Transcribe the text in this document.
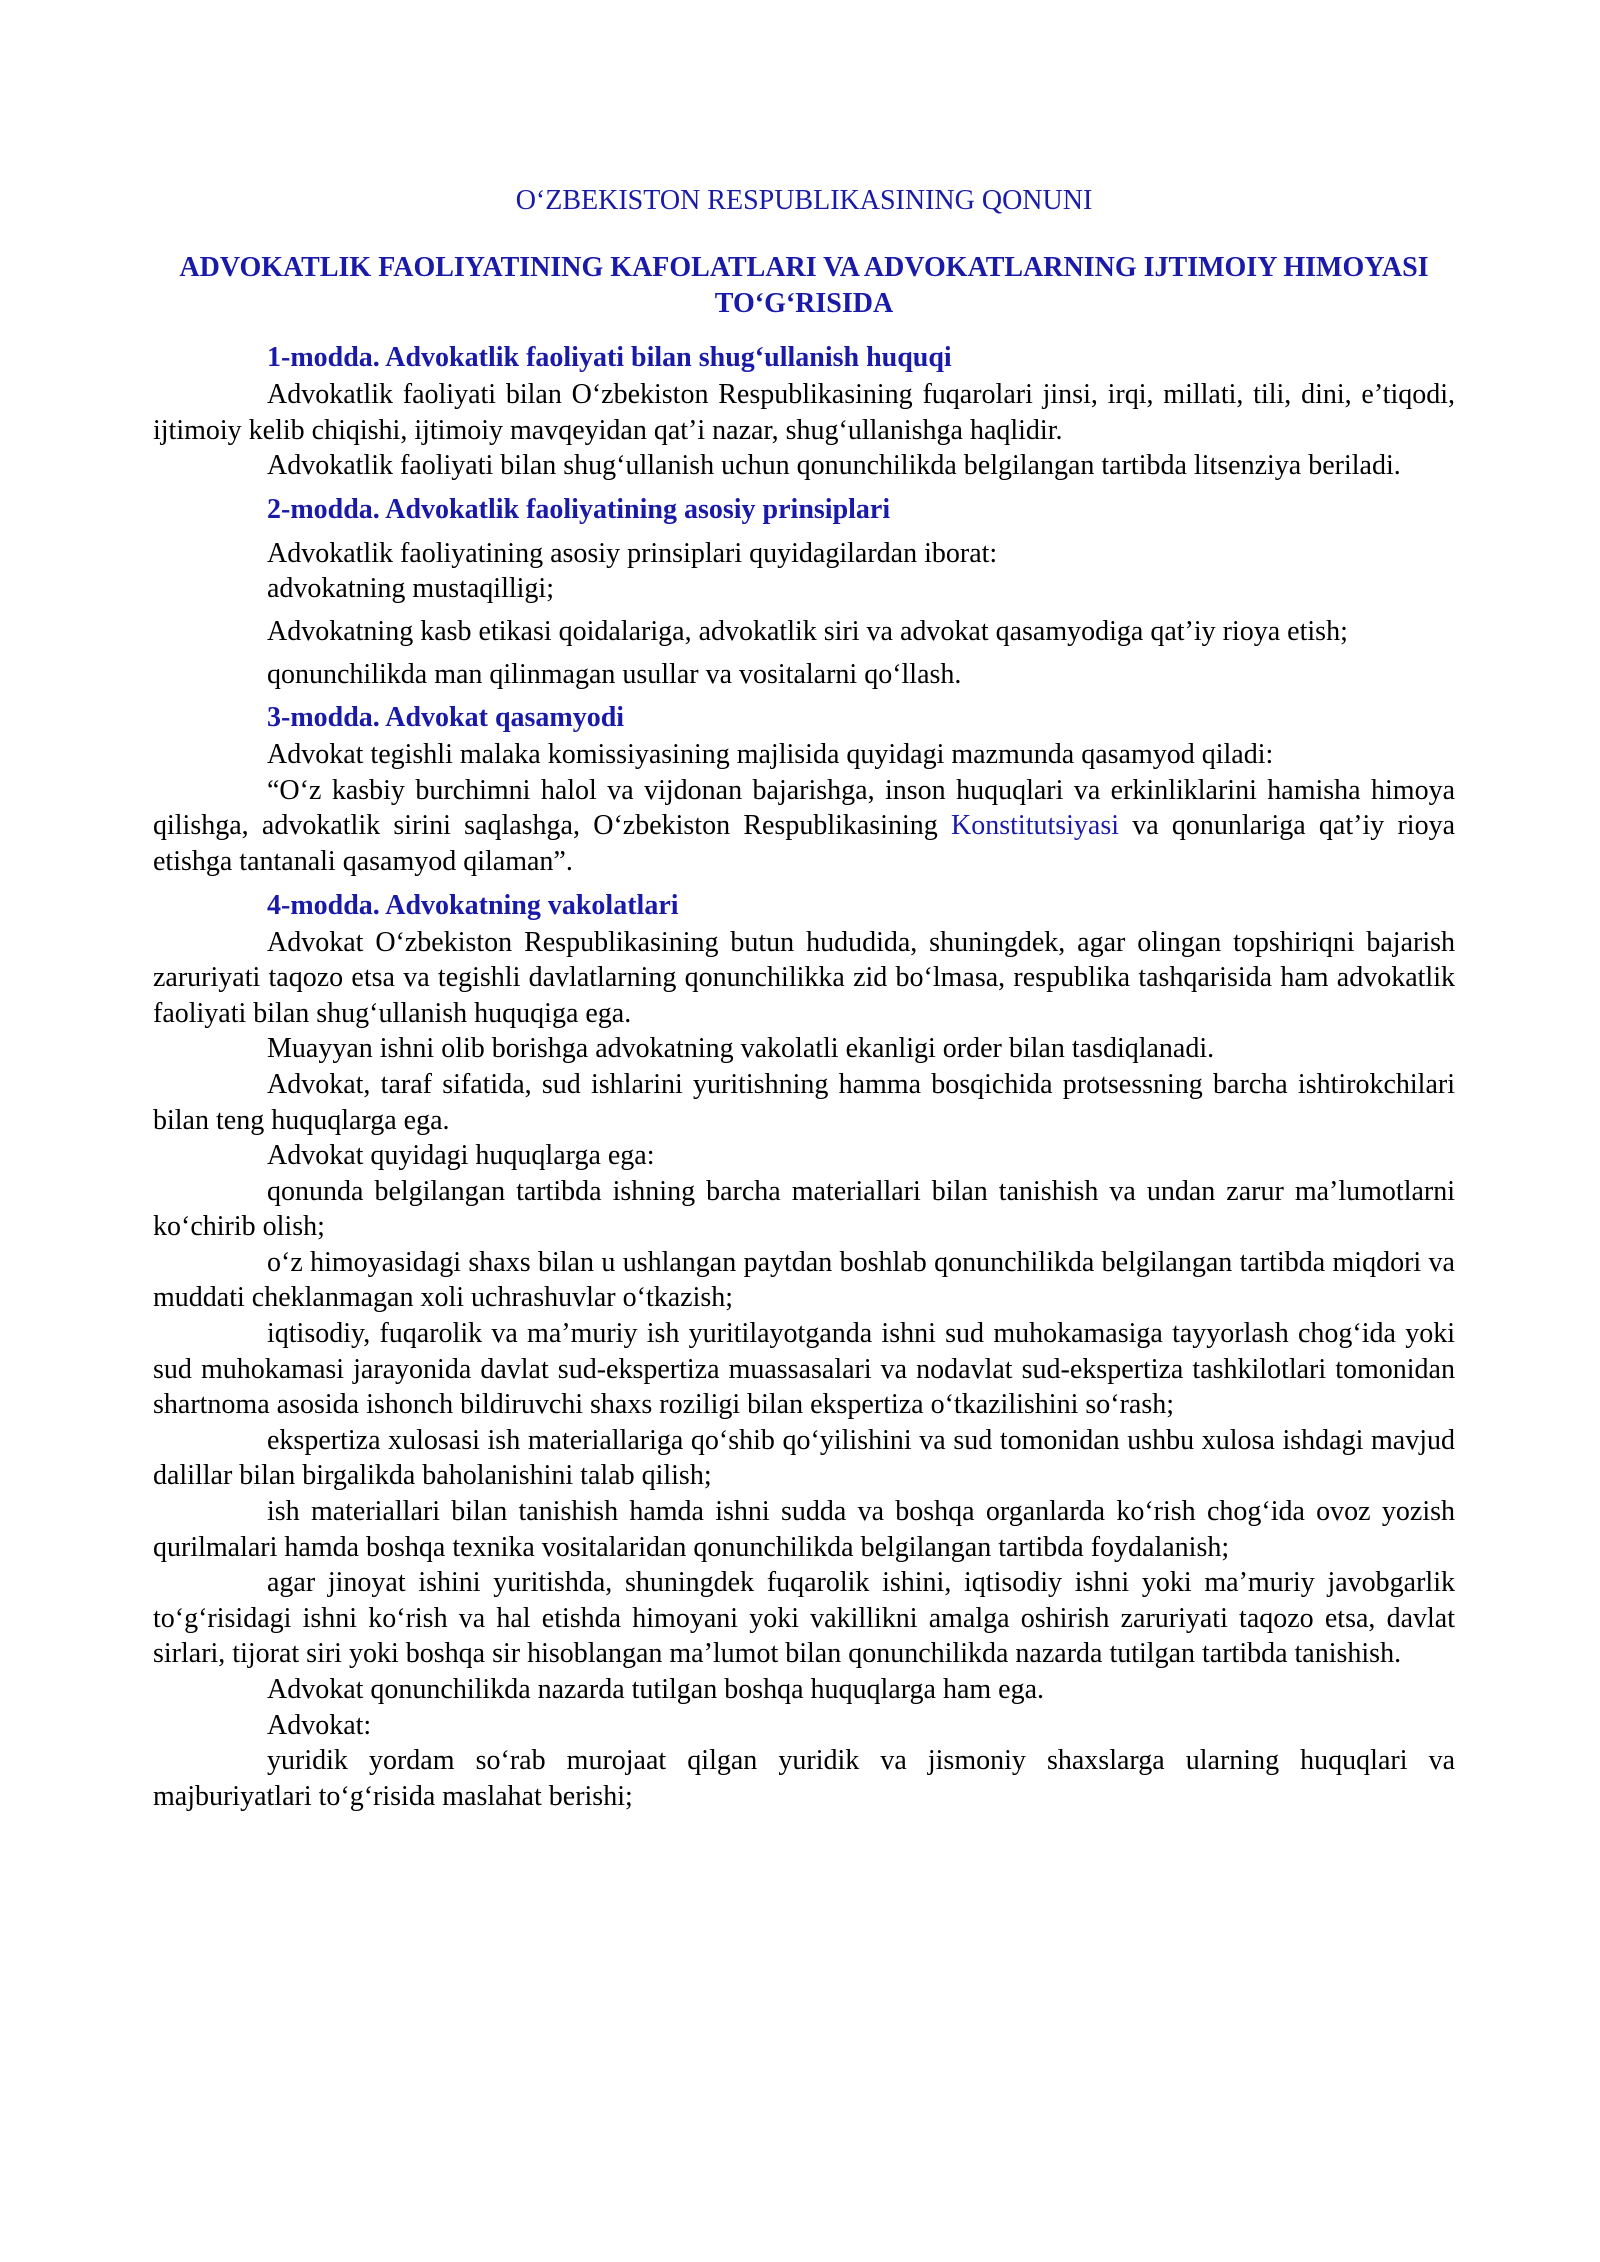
O‘ZBEKISTON RESPUBLIKASINING QONUNI
ADVOKATLIK FAOLIYATINING KAFOLATLARI VA ADVOKATLARNING IJTIMOIY HIMOYASI TO‘G‘RISIDA

1-modda. Advokatlik faoliyati bilan shug‘ullanish huquqi

Advokatlik faoliyati bilan O‘zbekiston Respublikasining fuqarolari jinsi, irqi, millati, tili, dini, e’tiqodi, ijtimoiy kelib chiqishi, ijtimoiy mavqeyidan qat’i nazar, shug‘ullanishga haqlidir.

Advokatlik faoliyati bilan shug‘ullanish uchun qonunchilikda belgilangan tartibda litsenziya beriladi.

2-modda. Advokatlik faoliyatining asosiy prinsiplari

Advokatlik faoliyatining asosiy prinsiplari quyidagilardan iborat:

advokatning mustaqilligi;

Advokatning kasb etikasi qoidalariga, advokatlik siri va advokat qasamyodiga qat’iy rioya etish;

qonunchilikda man qilinmagan usullar va vositalarni qo‘llash.

3-modda. Advokat qasamyodi

Advokat tegishli malaka komissiyasining majlisida quyidagi mazmunda qasamyod qiladi:

“O‘z kasbiy burchimni halol va vijdonan bajarishga, inson huquqlari va erkinliklarini hamisha himoya qilishga, advokatlik sirini saqlashga, O‘zbekiston Respublikasining Konstitutsiyasi va qonunlariga qat’iy rioya etishga tantanali qasamyod qilaman”.

4-modda. Advokatning vakolatlari

Advokat O‘zbekiston Respublikasining butun hududida, shuningdek, agar olingan topshiriqni bajarish zaruriyati taqozo etsa va tegishli davlatlarning qonunchilikka zid bo‘lmasa, respublika tashqarisida ham advokatlik faoliyati bilan shug‘ullanish huquqiga ega.

Muayyan ishni olib borishga advokatning vakolatli ekanligi order bilan tasdiqlanadi.

Advokat, taraf sifatida, sud ishlarini yuritishning hamma bosqichida protsessning barcha ishtirokchilari bilan teng huquqlarga ega.

Advokat quyidagi huquqlarga ega:

qonunda belgilangan tartibda ishning barcha materiallari bilan tanishish va undan zarur ma’lumotlarni ko‘chirib olish;

o‘z himoyasidagi shaxs bilan u ushlangan paytdan boshlab qonunchilikda belgilangan tartibda miqdori va muddati cheklanmagan xoli uchrashuvlar o‘tkazish;

iqtisodiy, fuqarolik va ma’muriy ish yuritilayotganda ishni sud muhokamasiga tayyorlash chog‘ida yoki sud muhokamasi jarayonida davlat sud-ekspertiza muassasalari va nodavlat sud-ekspertiza tashkilotlari tomonidan shartnoma asosida ishonch bildiruvchi shaxs roziligi bilan ekspertiza o‘tkazilishini so‘rash;

ekspertiza xulosasi ish materiallariga qo‘shib qo‘yilishini va sud tomonidan ushbu xulosa ishdagi mavjud dalillar bilan birgalikda baholanishini talab qilish;

ish materiallari bilan tanishish hamda ishni sudda va boshqa organlarda ko‘rish chog‘ida ovoz yozish qurilmalari hamda boshqa texnika vositalaridan qonunchilikda belgilangan tartibda foydalanish;

agar jinoyat ishini yuritishda, shuningdek fuqarolik ishini, iqtisodiy ishni yoki ma’muriy javobgarlik to‘g‘risidagi ishni ko‘rish va hal etishda himoyani yoki vakillikni amalga oshirish zaruriyati taqozo etsa, davlat sirlari, tijorat siri yoki boshqa sir hisoblangan ma’lumot bilan qonunchilikda nazarda tutilgan tartibda tanishish.

Advokat qonunchilikda nazarda tutilgan boshqa huquqlarga ham ega.

Advokat:

yuridik yordam so‘rab murojaat qilgan yuridik va jismoniy shaxslarga ularning huquqlari va majburiyatlari to‘g‘risida maslahat berishi;
